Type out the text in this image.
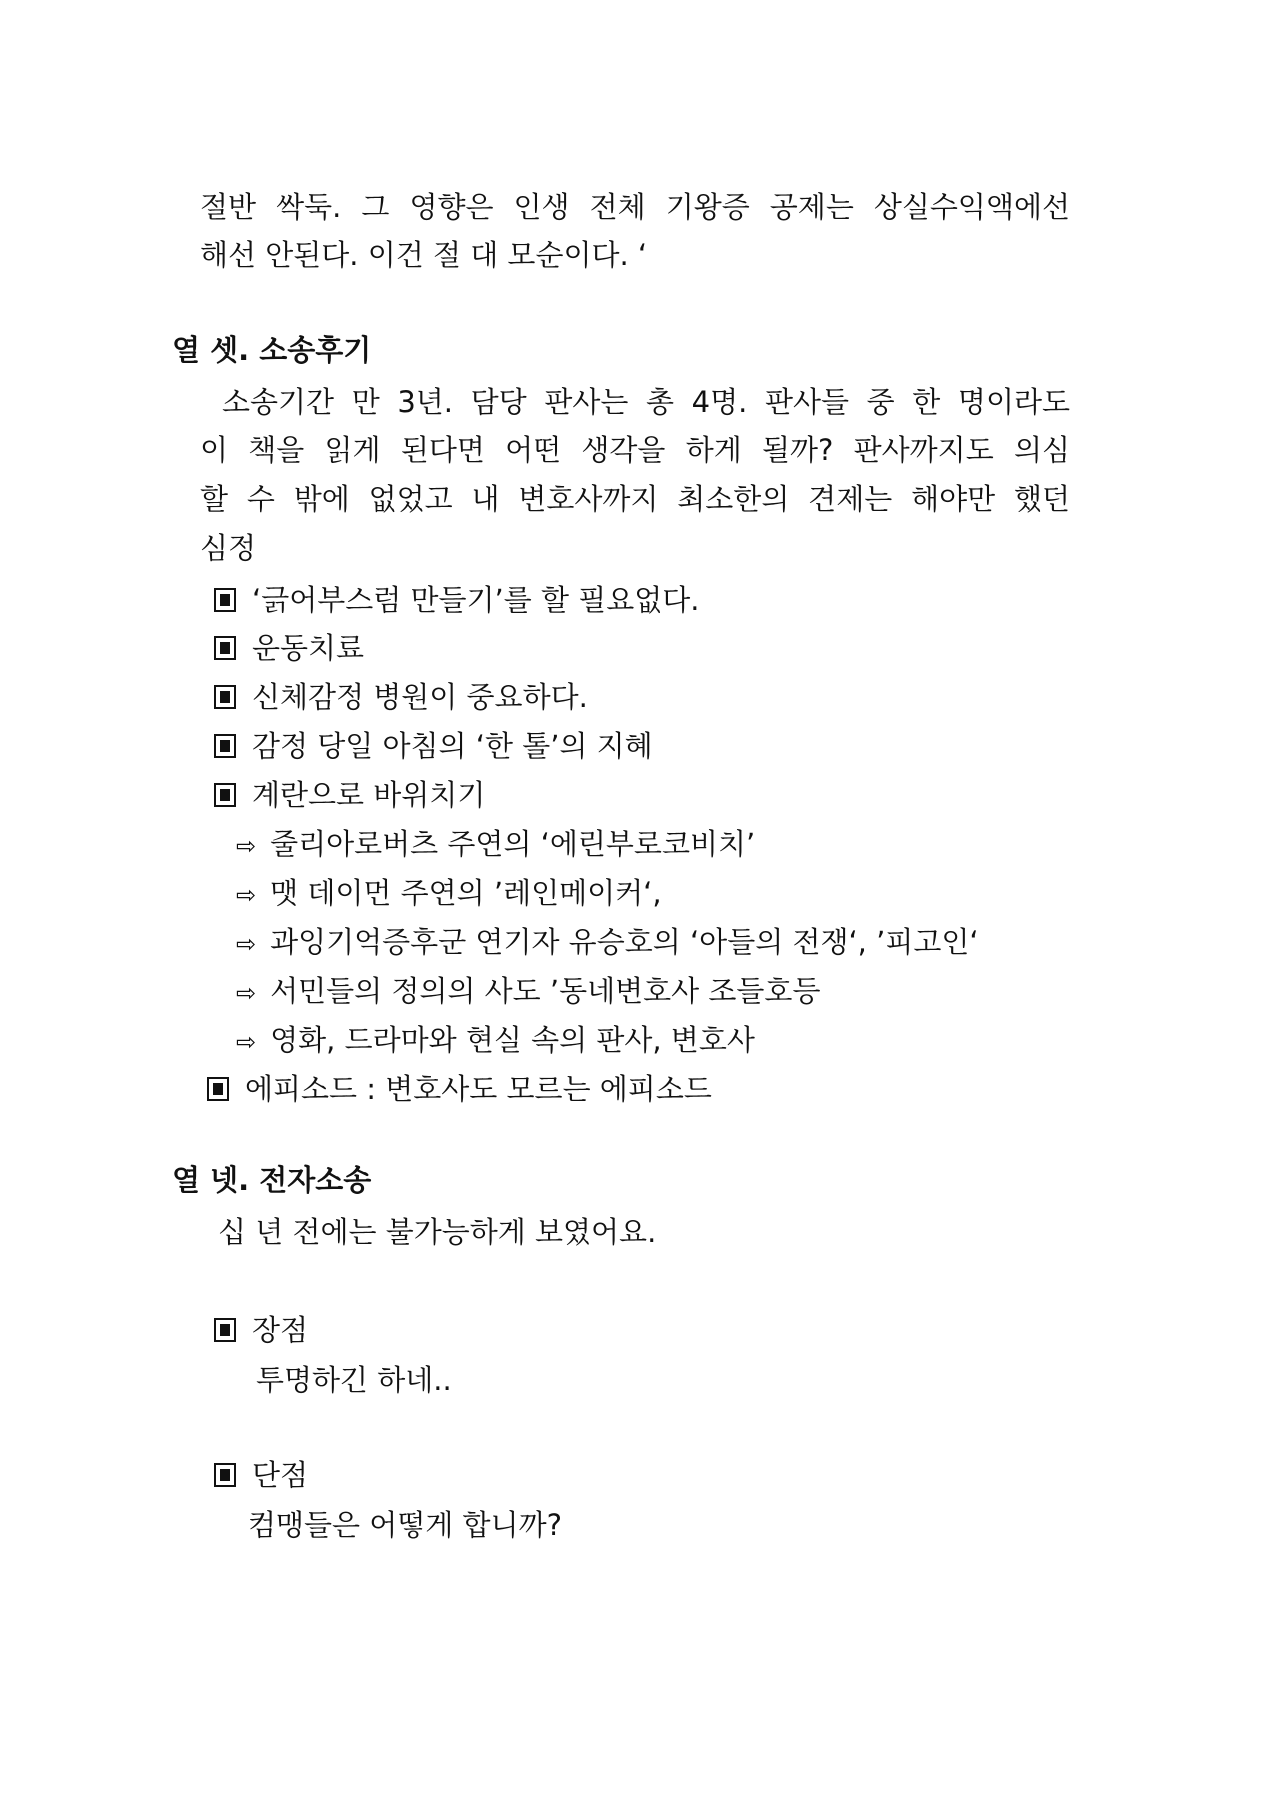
절반 싹둑. 그 영향은 인생 전체 기왕증 공제는 상실수익액에선
해선 안된다. 이건 절 대 모순이다. ‘
열 셋. 소송후기
소송기간 만 3년. 담당 판사는 총 4명. 판사들 중 한 명이라도
이 책을 읽게 된다면 어떤 생각을 하게 될까? 판사까지도 의심
할 수 밖에 없었고 내 변호사까지 최소한의 견제는 해야만 했던
심정
‘긁어부스럼 만들기’를 할 필요없다.
운동치료
신체감정 병원이 중요하다.
감정 당일 아침의 ‘한 톨’의 지혜
계란으로 바위치기
⇨ 줄리아로버츠 주연의 ‘에린부로코비치’
⇨ 맷 데이먼 주연의 ’레인메이커‘,
⇨ 과잉기억증후군 연기자 유승호의 ‘아들의 전쟁‘, ’피고인‘
⇨ 서민들의 정의의 사도 ’동네변호사 조들호등
⇨ 영화, 드라마와 현실 속의 판사, 변호사
에피소드 : 변호사도 모르는 에피소드
열 넷. 전자소송
십 년 전에는 불가능하게 보였어요.
장점
투명하긴 하네..
단점
컴맹들은 어떻게 합니까?
